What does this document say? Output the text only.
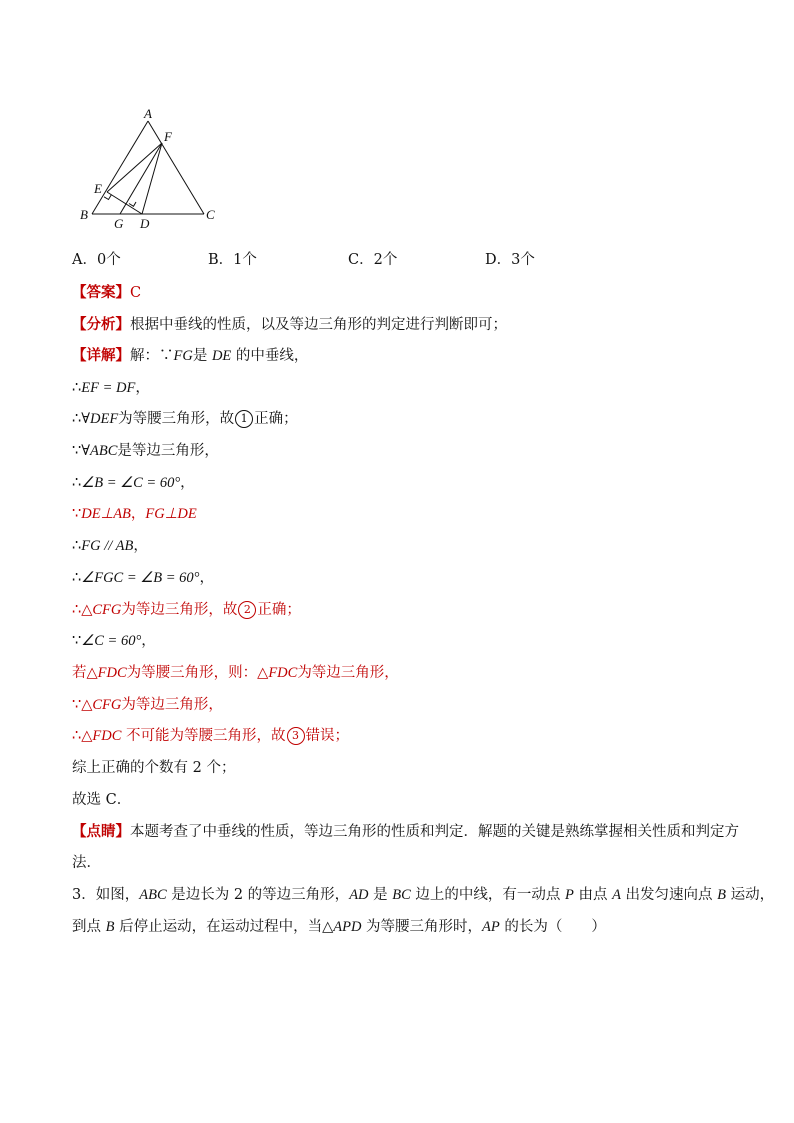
A
F
E
B
G D
C
A．0个	B．1个	C．2个	D．3个
【答案】C
【分析】根据中垂线的性质，以及等边三角形的判定进行判断即可；
【详解】解：∵FG是 DE 的中垂线，
∴EF = DF，
∴∀DEF为等腰三角形，故 1 正确；
∵∀ABC是等边三角形，
∴∠B = ∠C = 60°，
∵DE⊥AB，FG⊥DE
∴FG // AB，
∴∠FGC = ∠B = 60°，
∴△CFG为等边三角形，故 2 正确；
∵∠C = 60°，
若△FDC为等腰三角形，则：△FDC为等边三角形，
∵△CFG为等边三角形，
∴△FDC 不可能为等腰三角形，故 3 错误；
综上正确的个数有 2 个；
故选 C．
【点睛】本题考查了中垂线的性质，等边三角形的性质和判定．解题的关键是熟练掌握相关性质和判定方
法．
3．如图，ABC 是边长为 2 的等边三角形，AD 是 BC 边上的中线，有一动点 P 由点 A 出发匀速向点 B 运动，
到点 B 后停止运动，在运动过程中，当△APD 为等腰三角形时，AP 的长为（　　）
